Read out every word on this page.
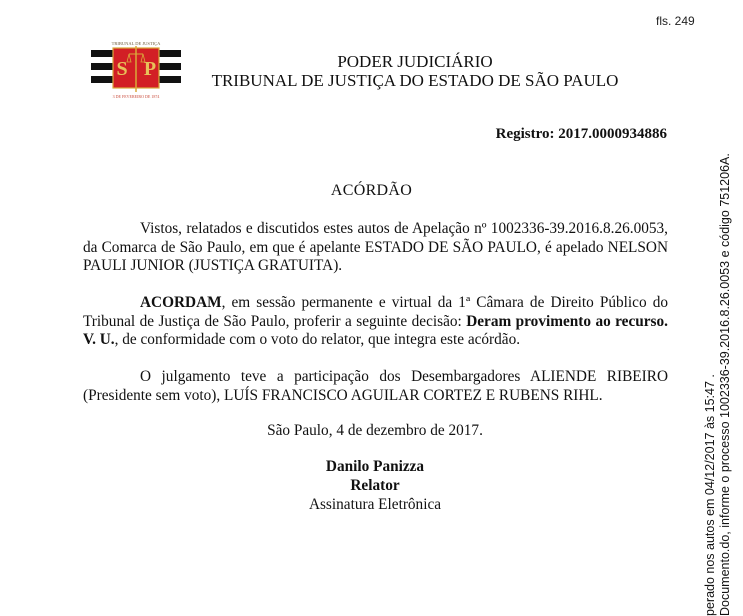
fls. 249
S P
TRIBUNAL DE JUSTIÇA
3 DE FEVEREIRO DE 1874
PODER JUDICIÁRIO
TRIBUNAL DE JUSTIÇA DO ESTADO DE SÃO PAULO
Registro: 2017.0000934886
ACÓRDÃO
Vistos, relatados e discutidos estes autos de Apelação nº 1002336-39.2016.8.26.0053, da Comarca de São Paulo, em que é apelante ESTADO DE SÃO PAULO, é apelado NELSON PAULI JUNIOR (JUSTIÇA GRATUITA).
ACORDAM, em sessão permanente e virtual da 1ª Câmara de Direito Público do Tribunal de Justiça de São Paulo, proferir a seguinte decisão: Deram provimento ao recurso. V. U., de conformidade com o voto do relator, que integra este acórdão.
O julgamento teve a participação dos Desembargadores ALIENDE RIBEIRO (Presidente sem voto), LUÍS FRANCISCO AGUILAR CORTEZ E RUBENS RIHL.
São Paulo, 4 de dezembro de 2017.
Danilo Panizza
Relator
Assinatura Eletrônica	perado nos autos em 04/12/2017 às 15:47 . Documento.do, informe o processo 1002336-39.2016.8.26.0053 e código 751206A.
